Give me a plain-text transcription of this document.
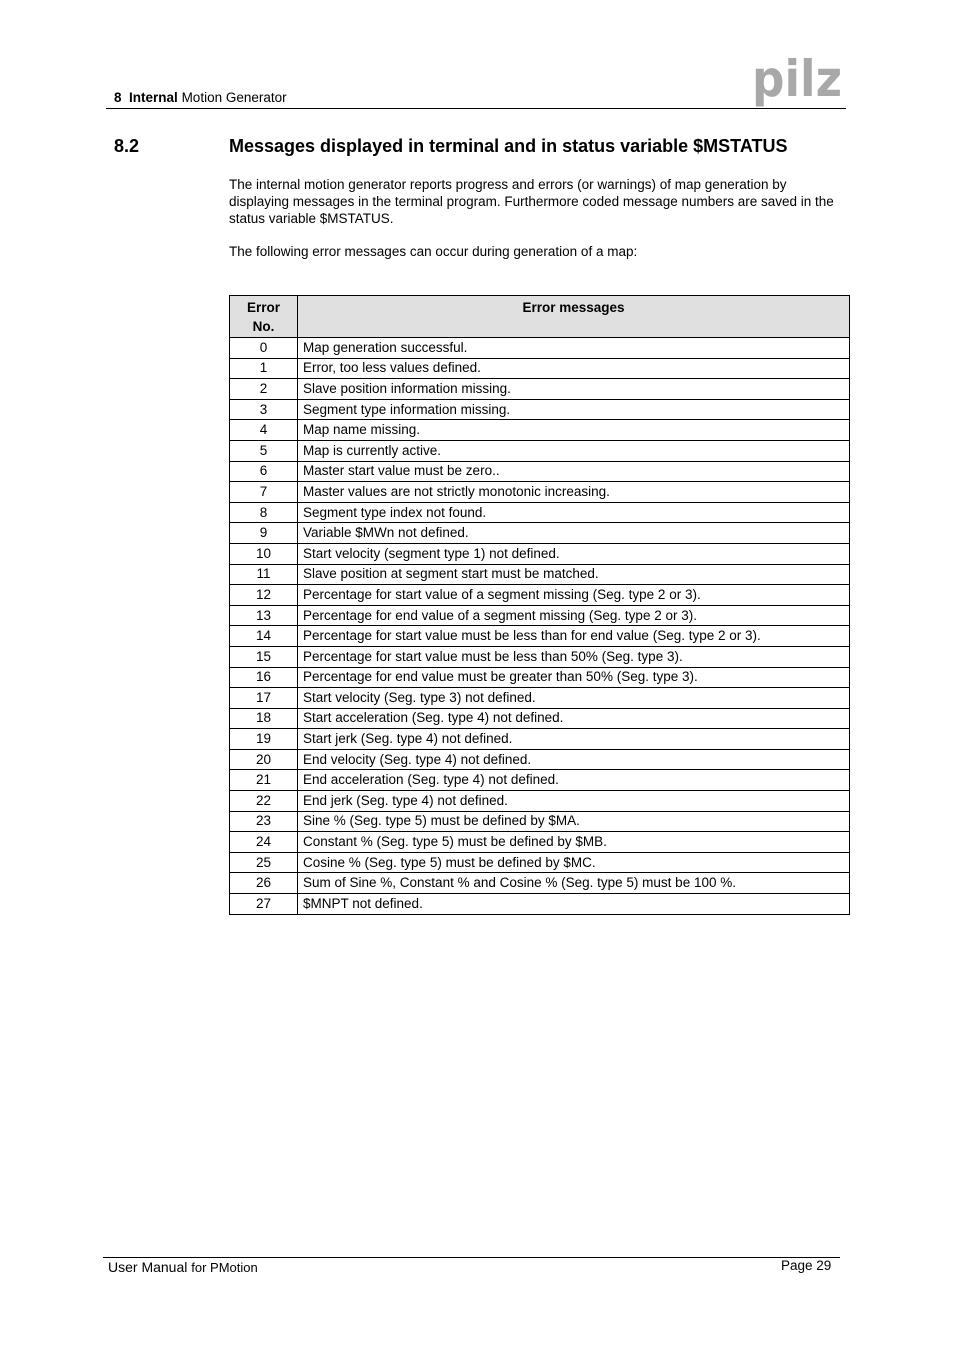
8 Internal Motion Generator	pilz
8.2	Messages displayed in terminal and in status variable $MSTATUS

The internal motion generator reports progress and errors (or warnings) of map generation by displaying messages in the terminal program. Furthermore coded message numbers are saved in the status variable $MSTATUS.

The following error messages can occur during generation of a map:

Error No.	Error messages
0	Map generation successful.
1	Error, too less values defined.
2	Slave position information missing.
3	Segment type information missing.
4	Map name missing.
5	Map is currently active.
6	Master start value must be zero..
7	Master values are not strictly monotonic increasing.
8	Segment type index not found.
9	Variable $MWn not defined.
10	Start velocity (segment type 1) not defined.
11	Slave position at segment start must be matched.
12	Percentage for start value of a segment missing (Seg. type 2 or 3).
13	Percentage for end value of a segment missing (Seg. type 2 or 3).
14	Percentage for start value must be less than for end value (Seg. type 2 or 3).
15	Percentage for start value must be less than 50% (Seg. type 3).
16	Percentage for end value must be greater than 50% (Seg. type 3).
17	Start velocity (Seg. type 3) not defined.
18	Start acceleration (Seg. type 4) not defined.
19	Start jerk (Seg. type 4) not defined.
20	End velocity (Seg. type 4) not defined.
21	End acceleration (Seg. type 4) not defined.
22	End jerk (Seg. type 4) not defined.
23	Sine % (Seg. type 5) must be defined by $MA.
24	Constant % (Seg. type 5) must be defined by $MB.
25	Cosine % (Seg. type 5) must be defined by $MC.
26	Sum of Sine %, Constant % and Cosine % (Seg. type 5) must be 100 %.
27	$MNPT not defined.
User Manual for PMotion	Page 29
